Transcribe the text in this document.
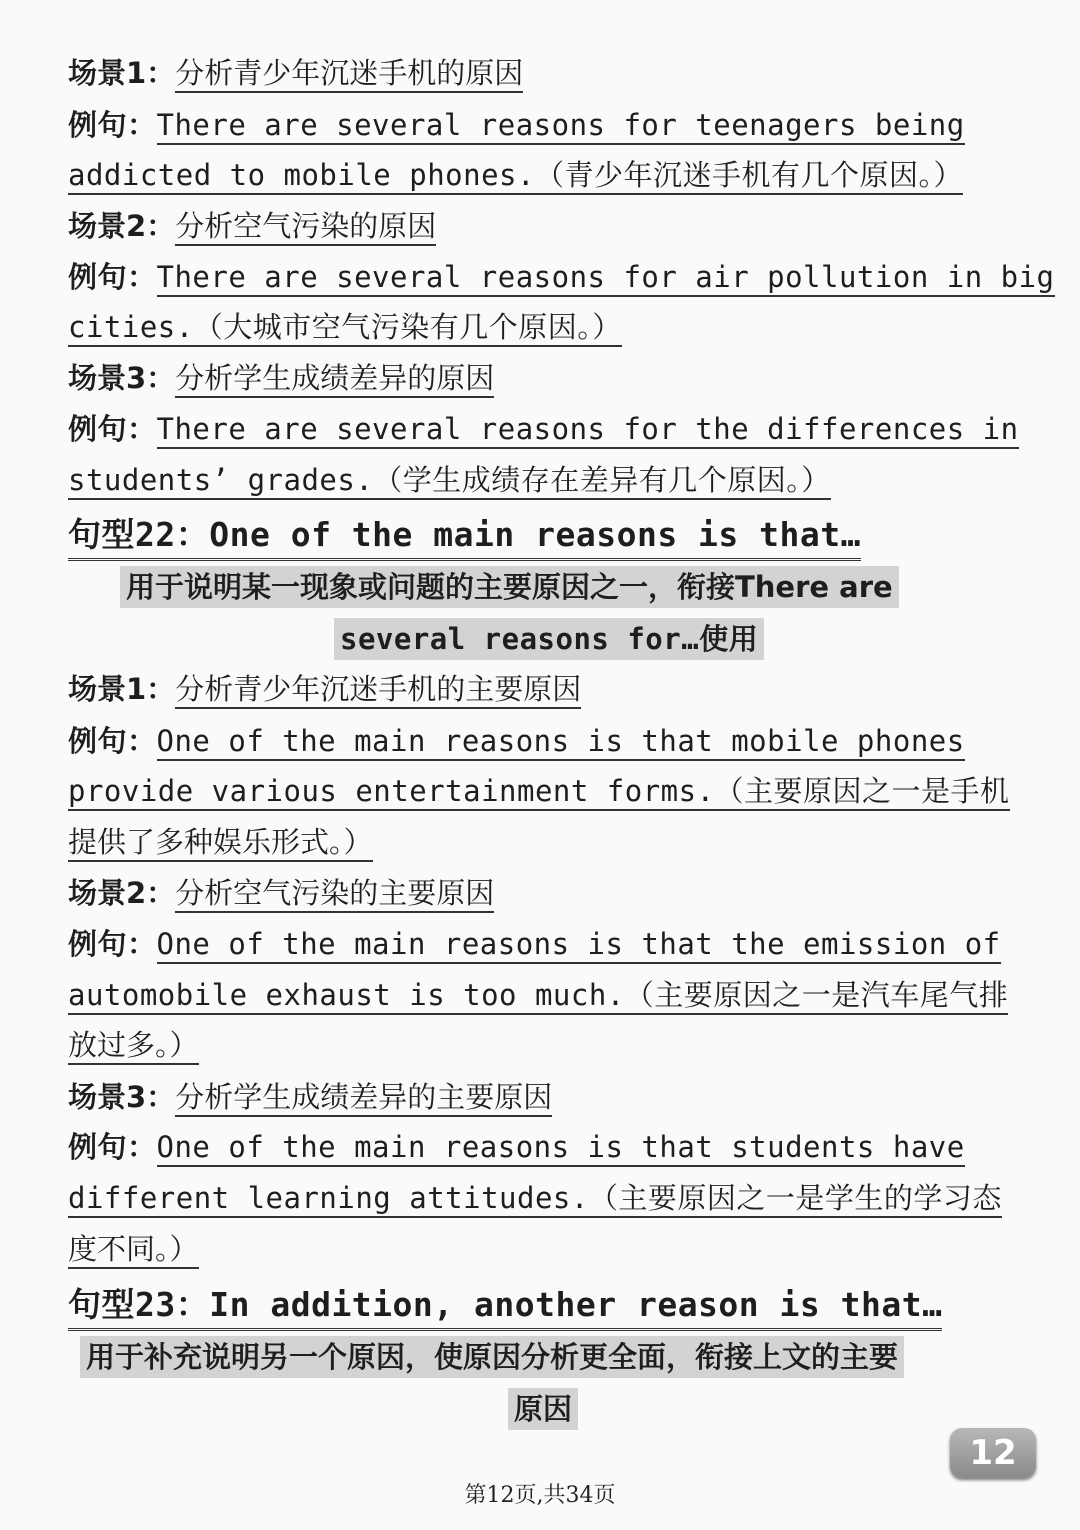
场景1：分析青少年沉迷手机的原因
例句：There are several reasons for teenagers being
addicted to mobile phones.（青少年沉迷手机有几个原因。）
场景2：分析空气污染的原因
例句：There are several reasons for air pollution in big
cities.（大城市空气污染有几个原因。）
场景3：分析学生成绩差异的原因
例句：There are several reasons for the differences in
students’ grades.（学生成绩存在差异有几个原因。）
句型22：One of the main reasons is that…
用于说明某一现象或问题的主要原因之一，衔接There are
several reasons for…使用
场景1：分析青少年沉迷手机的主要原因
例句：One of the main reasons is that mobile phones
provide various entertainment forms.（主要原因之一是手机
提供了多种娱乐形式。）
场景2：分析空气污染的主要原因
例句：One of the main reasons is that the emission of
automobile exhaust is too much.（主要原因之一是汽车尾气排
放过多。）
场景3：分析学生成绩差异的主要原因
例句：One of the main reasons is that students have
different learning attitudes.（主要原因之一是学生的学习态
度不同。）
句型23：In addition, another reason is that…
用于补充说明另一个原因，使原因分析更全面，衔接上文的主要
原因
12
第12页,共34页
